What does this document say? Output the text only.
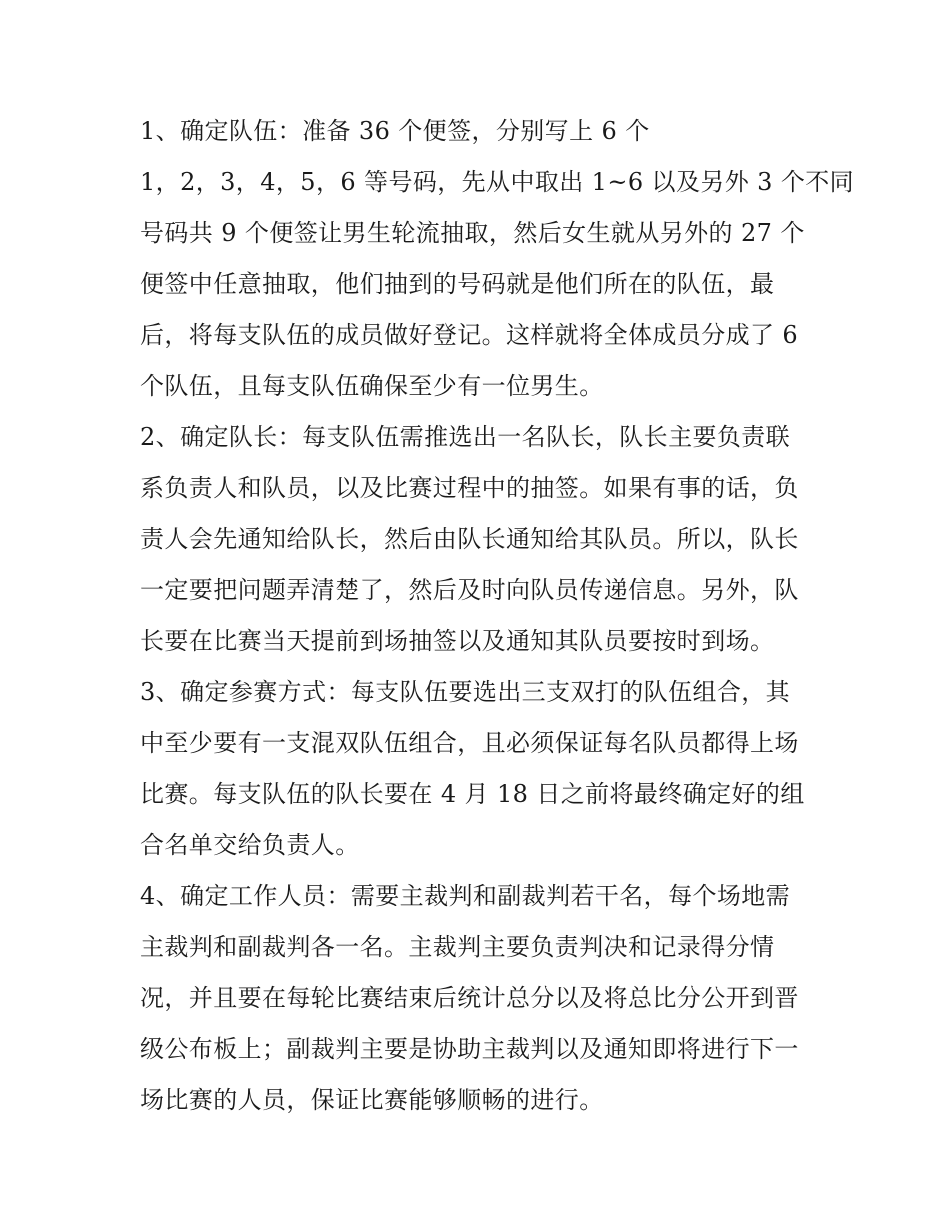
1、确定队伍：准备 36 个便签，分别写上 6 个
1，2，3，4，5，6 等号码，先从中取出 1~6 以及另外 3 个不同
号码共 9 个便签让男生轮流抽取，然后女生就从另外的 27 个
便签中任意抽取，他们抽到的号码就是他们所在的队伍，最
后，将每支队伍的成员做好登记。这样就将全体成员分成了 6
个队伍，且每支队伍确保至少有一位男生。
2、确定队长：每支队伍需推选出一名队长，队长主要负责联
系负责人和队员，以及比赛过程中的抽签。如果有事的话，负
责人会先通知给队长，然后由队长通知给其队员。所以，队长
一定要把问题弄清楚了，然后及时向队员传递信息。另外，队
长要在比赛当天提前到场抽签以及通知其队员要按时到场。
3、确定参赛方式：每支队伍要选出三支双打的队伍组合，其
中至少要有一支混双队伍组合，且必须保证每名队员都得上场
比赛。每支队伍的队长要在 4 月 18 日之前将最终确定好的组
合名单交给负责人。
4、确定工作人员：需要主裁判和副裁判若干名，每个场地需
主裁判和副裁判各一名。主裁判主要负责判决和记录得分情
况，并且要在每轮比赛结束后统计总分以及将总比分公开到晋
级公布板上；副裁判主要是协助主裁判以及通知即将进行下一
场比赛的人员，保证比赛能够顺畅的进行。
